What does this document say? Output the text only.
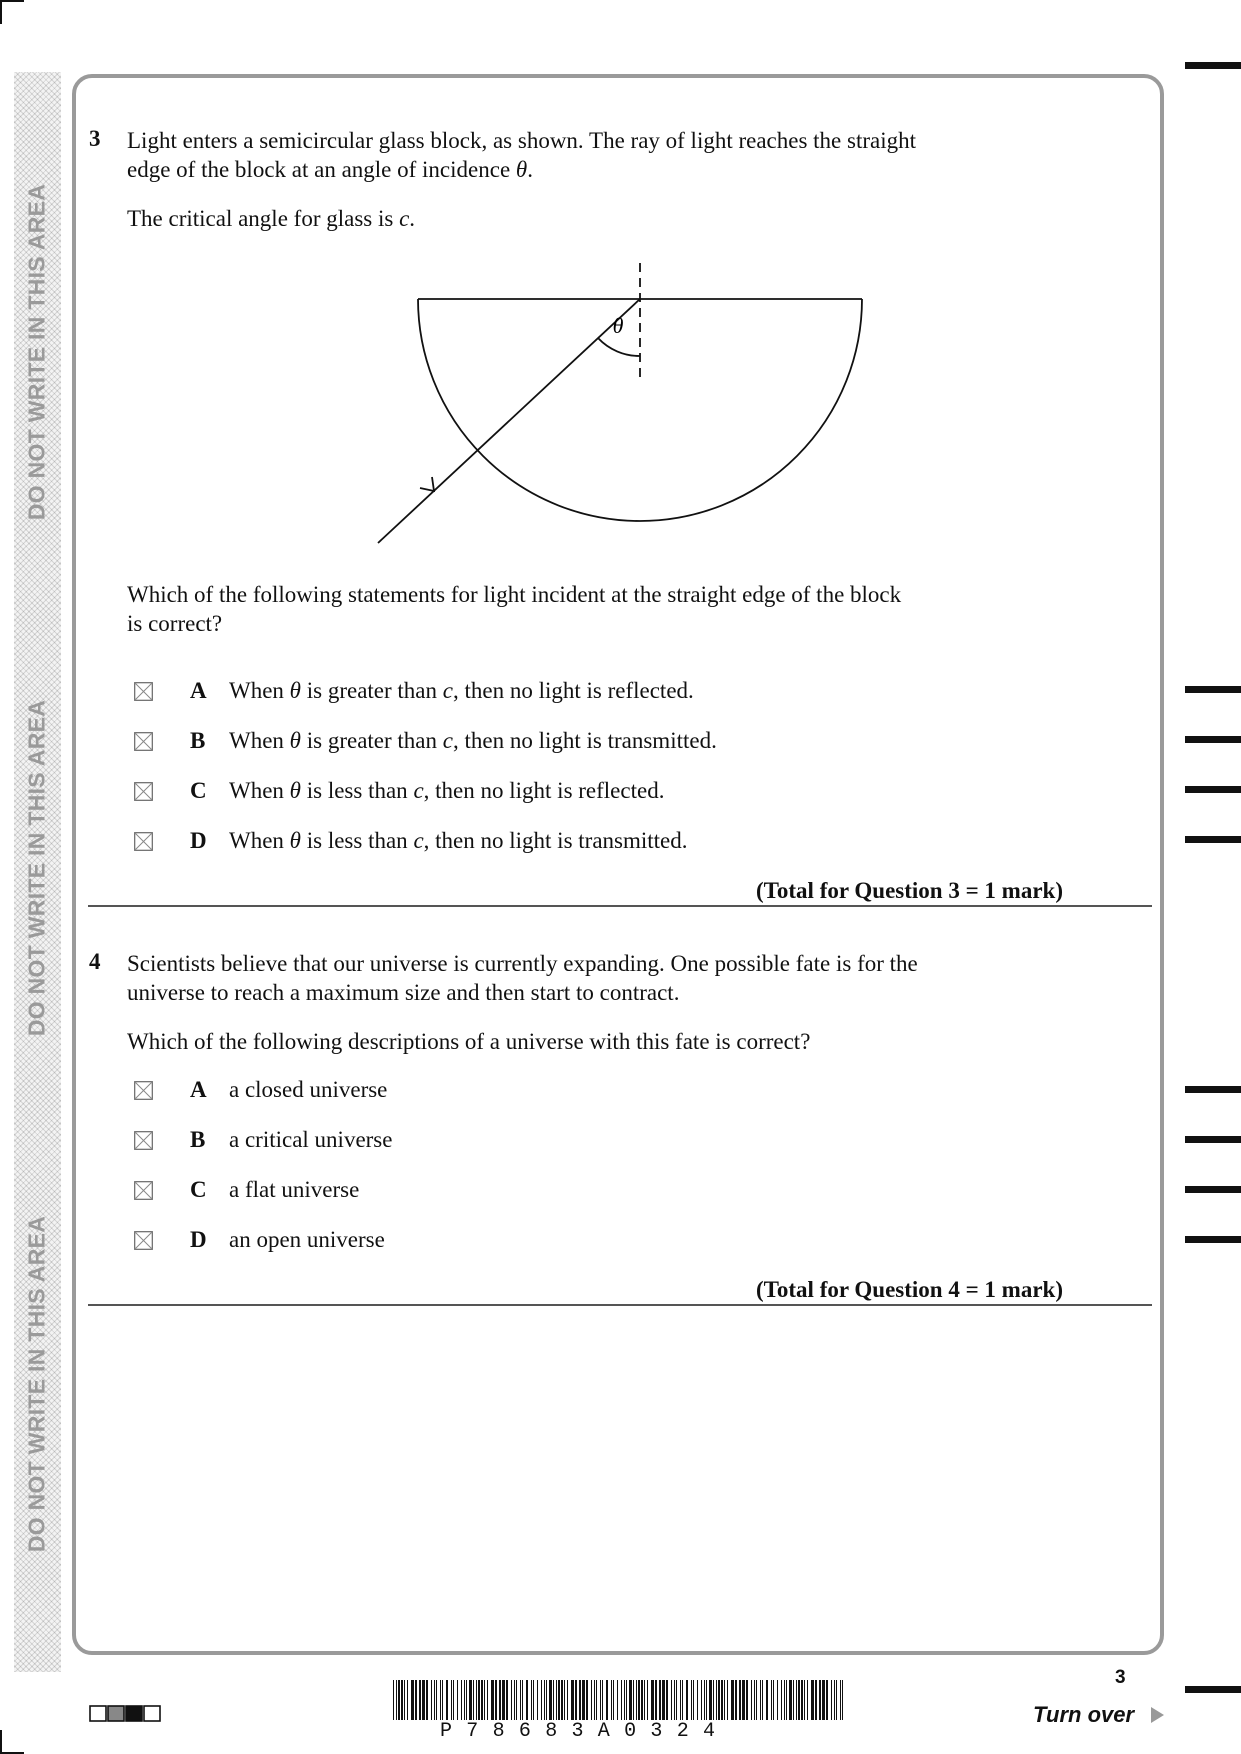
DO NOT WRITE IN THIS AREA
DO NOT WRITE IN THIS AREA
DO NOT WRITE IN THIS AREA
3 Light enters a semicircular glass block, as shown. The ray of light reaches the straight
edge of the block at an angle of incidence θ.
The critical angle for glass is c.
θ
Which of the following statements for light incident at the straight edge of the block
is correct?
A When θ is greater than c, then no light is reflected.
B When θ is greater than c, then no light is transmitted.
C When θ is less than c, then no light is reflected.
D When θ is less than c, then no light is transmitted.
(Total for Question 3 = 1 mark)
4 Scientists believe that our universe is currently expanding. One possible fate is for the
universe to reach a maximum size and then start to contract.
Which of the following descriptions of a universe with this fate is correct?
A a closed universe
B a critical universe
C a flat universe
D an open universe
(Total for Question 4 = 1 mark)
P78683A0324
3
Turn over
